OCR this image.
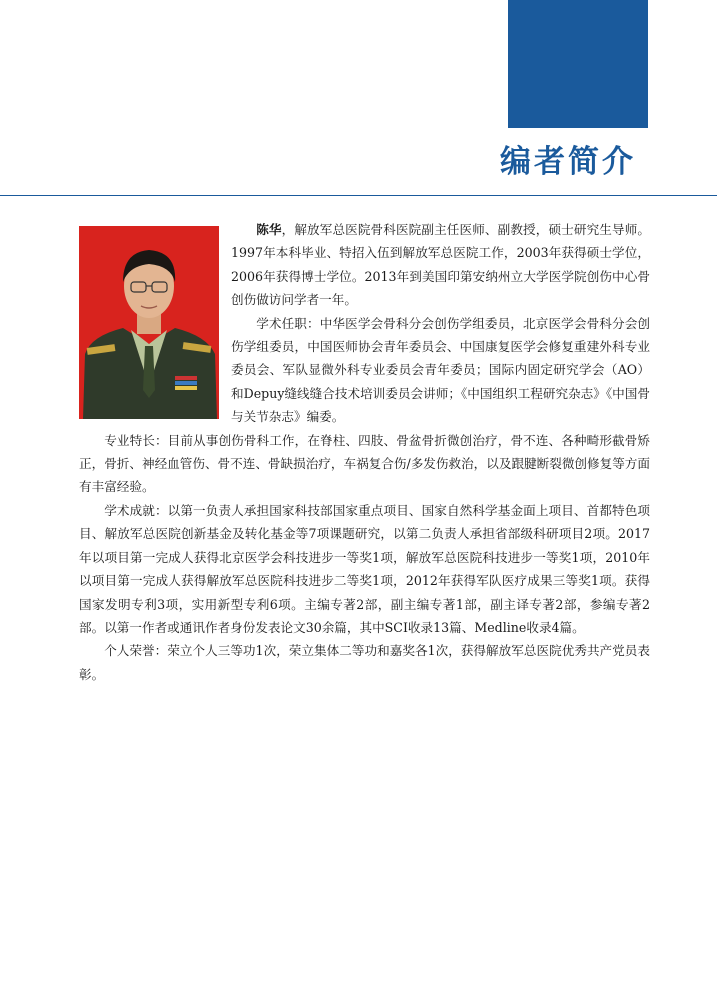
编者简介

陈华，解放军总医院骨科医院副主任医师、副教授，硕士研究生导师。1997年本科毕业、特招入伍到解放军总医院工作，2003年获得硕士学位，2006年获得博士学位。2013年到美国印第安纳州立大学医学院创伤中心骨创伤做访问学者一年。

学术任职：中华医学会骨科分会创伤学组委员，北京医学会骨科分会创伤学组委员，中国医师协会青年委员会、中国康复医学会修复重建外科专业委员会、军队显微外科专业委员会青年委员；国际内固定研究学会（AO）和Depuy缝线缝合技术培训委员会讲师；《中国组织工程研究杂志》《中国骨与关节杂志》编委。

专业特长：目前从事创伤骨科工作，在脊柱、四肢、骨盆骨折微创治疗，骨不连、各种畸形截骨矫正，骨折、神经血管伤、骨不连、骨缺损治疗，车祸复合伤/多发伤救治，以及跟腱断裂微创修复等方面有丰富经验。

学术成就：以第一负责人承担国家科技部国家重点项目、国家自然科学基金面上项目、首都特色项目、解放军总医院创新基金及转化基金等7项课题研究，以第二负责人承担省部级科研项目2项。2017年以项目第一完成人获得北京医学会科技进步一等奖1项，解放军总医院科技进步一等奖1项，2010年以项目第一完成人获得解放军总医院科技进步二等奖1项，2012年获得军队医疗成果三等奖1项。获得国家发明专利3项，实用新型专利6项。主编专著2部，副主编专著1部，副主译专著2部，参编专著2部。以第一作者或通讯作者身份发表论文30余篇，其中SCI收录13篇、Medline收录4篇。

个人荣誉：荣立个人三等功1次，荣立集体二等功和嘉奖各1次，获得解放军总医院优秀共产党员表彰。
